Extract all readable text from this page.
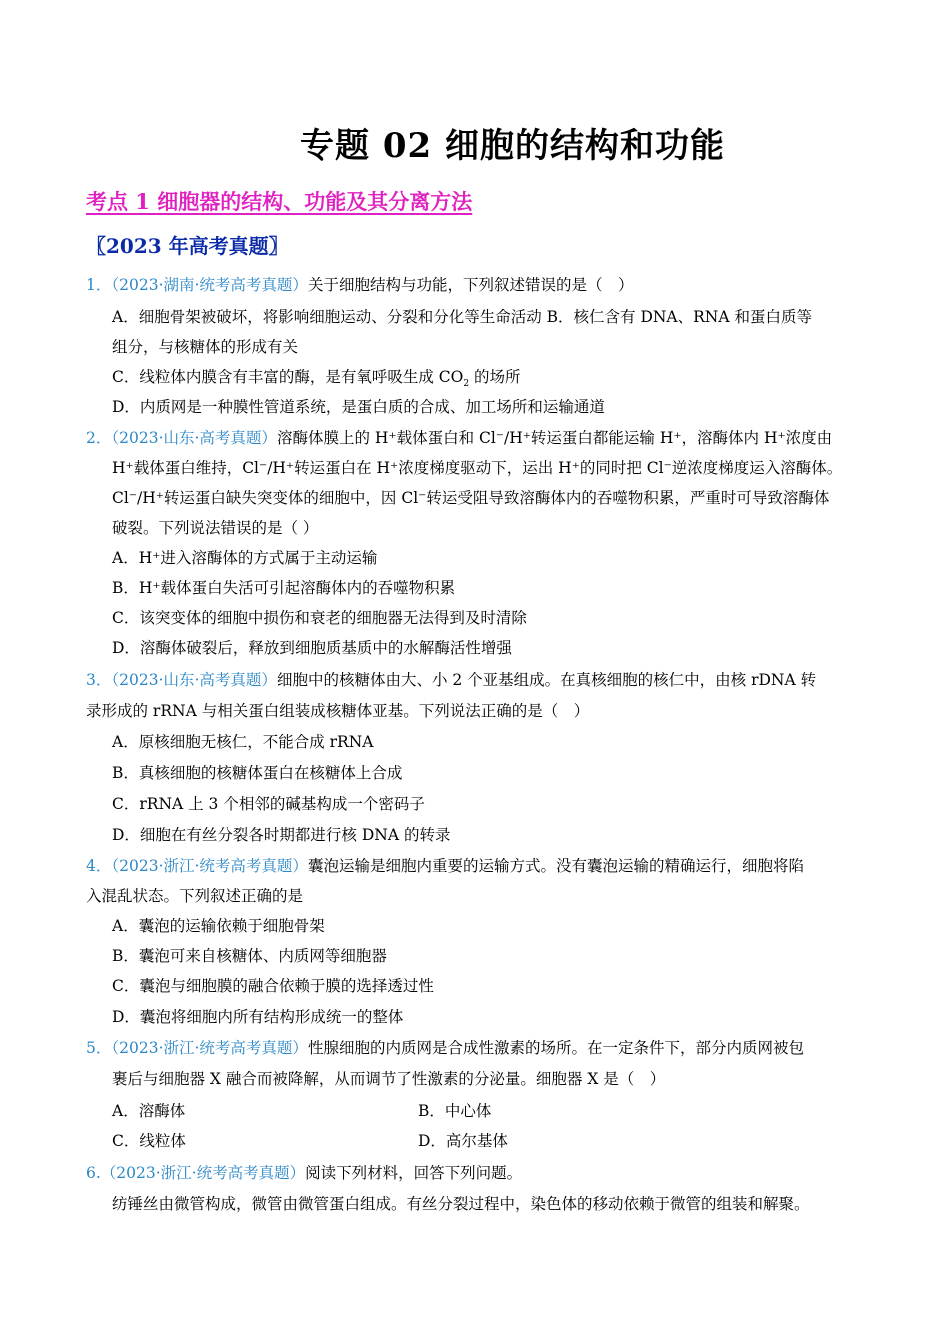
专题 02 细胞的结构和功能
考点 1 细胞器的结构、功能及其分离方法
〖2023 年高考真题〗
1．（2023·湖南·统考高考真题）关于细胞结构与功能，下列叙述错误的是（　）
A．细胞骨架被破坏，将影响细胞运动、分裂和分化等生命活动 B．核仁含有 DNA、RNA 和蛋白质等
组分，与核糖体的形成有关
C．线粒体内膜含有丰富的酶，是有氧呼吸生成 $CO_2$ 的场所
D．内质网是一种膜性管道系统，是蛋白质的合成、加工场所和运输通道
2．（2023·山东·高考真题）溶酶体膜上的 H⁺载体蛋白和 Cl⁻/H⁺转运蛋白都能运输 H⁺，溶酶体内 H⁺浓度由
H⁺载体蛋白维持，Cl⁻/H⁺转运蛋白在 H⁺浓度梯度驱动下，运出 H⁺的同时把 Cl⁻逆浓度梯度运入溶酶体。
Cl⁻/H⁺转运蛋白缺失突变体的细胞中，因 Cl⁻转运受阻导致溶酶体内的吞噬物积累，严重时可导致溶酶体
破裂。下列说法错误的是（ ）
A．H⁺进入溶酶体的方式属于主动运输
B．H⁺载体蛋白失活可引起溶酶体内的吞噬物积累
C．该突变体的细胞中损伤和衰老的细胞器无法得到及时清除
D．溶酶体破裂后，释放到细胞质基质中的水解酶活性增强
3．（2023·山东·高考真题）细胞中的核糖体由大、小 2 个亚基组成。在真核细胞的核仁中，由核 rDNA 转
录形成的 rRNA 与相关蛋白组装成核糖体亚基。下列说法正确的是（　）
A．原核细胞无核仁，不能合成 rRNA
B．真核细胞的核糖体蛋白在核糖体上合成
C．rRNA 上 3 个相邻的碱基构成一个密码子
D．细胞在有丝分裂各时期都进行核 DNA 的转录
4．（2023·浙江·统考高考真题）囊泡运输是细胞内重要的运输方式。没有囊泡运输的精确运行，细胞将陷
入混乱状态。下列叙述正确的是
A．囊泡的运输依赖于细胞骨架
B．囊泡可来自核糖体、内质网等细胞器
C．囊泡与细胞膜的融合依赖于膜的选择透过性
D．囊泡将细胞内所有结构形成统一的整体
5．（2023·浙江·统考高考真题）性腺细胞的内质网是合成性激素的场所。在一定条件下，部分内质网被包
裹后与细胞器 X 融合而被降解，从而调节了性激素的分泌量。细胞器 X 是（　）
A．溶酶体	B．中心体
C．线粒体	D．高尔基体
6.（2023·浙江·统考高考真题）阅读下列材料，回答下列问题。
纺锤丝由微管构成，微管由微管蛋白组成。有丝分裂过程中，染色体的移动依赖于微管的组装和解聚。
